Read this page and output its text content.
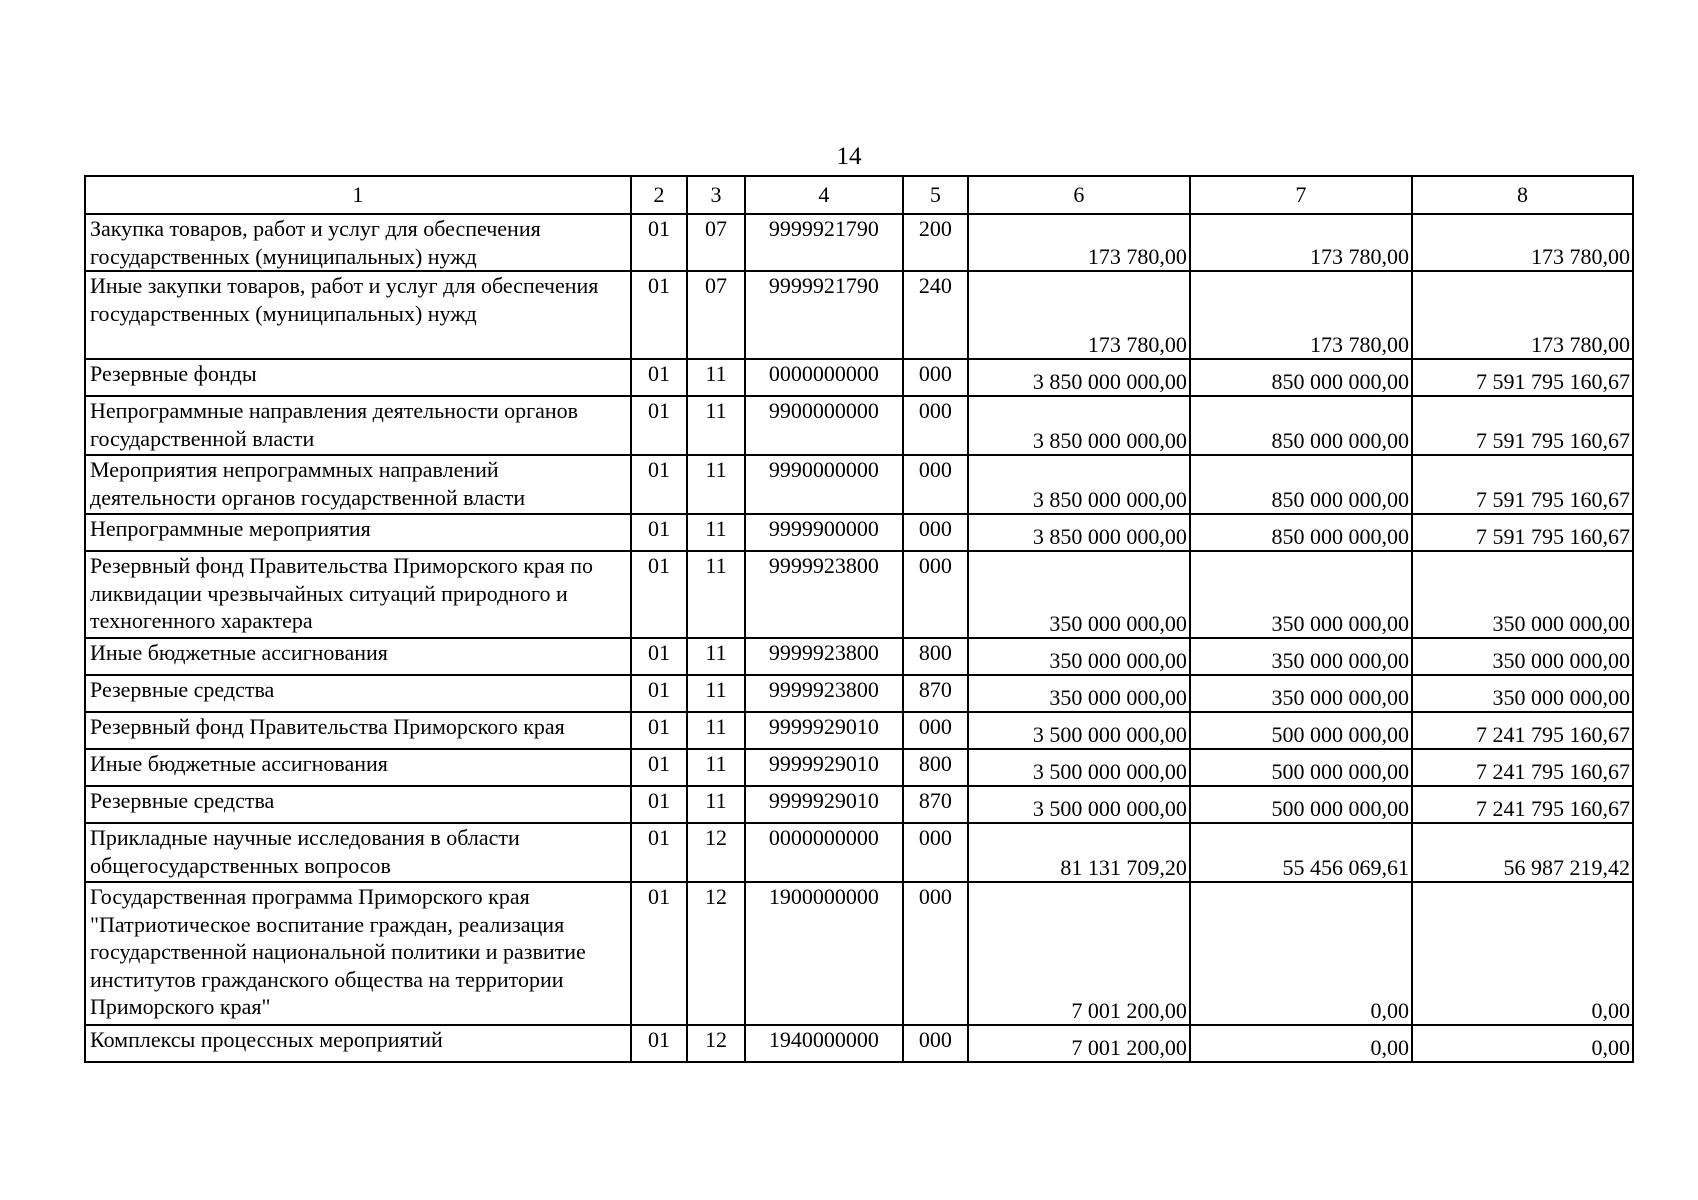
14
1	2	3	4	5	6	7	8
Закупка товаров, работ и услуг для обеспечения государственных (муниципальных) нужд	01	07	9999921790	200	173 780,00	173 780,00	173 780,00
Иные закупки товаров, работ и услуг для обеспечения государственных (муниципальных) нужд	01	07	9999921790	240	173 780,00	173 780,00	173 780,00
Резервные фонды	01	11	0000000000	000	3 850 000 000,00	850 000 000,00	7 591 795 160,67
Непрограммные направления деятельности органов государственной власти	01	11	9900000000	000	3 850 000 000,00	850 000 000,00	7 591 795 160,67
Мероприятия непрограммных направлений деятельности органов государственной власти	01	11	9990000000	000	3 850 000 000,00	850 000 000,00	7 591 795 160,67
Непрограммные мероприятия	01	11	9999900000	000	3 850 000 000,00	850 000 000,00	7 591 795 160,67
Резервный фонд Правительства Приморского края по ликвидации чрезвычайных ситуаций природного и техногенного характера	01	11	9999923800	000	350 000 000,00	350 000 000,00	350 000 000,00
Иные бюджетные ассигнования	01	11	9999923800	800	350 000 000,00	350 000 000,00	350 000 000,00
Резервные средства	01	11	9999923800	870	350 000 000,00	350 000 000,00	350 000 000,00
Резервный фонд Правительства Приморского края	01	11	9999929010	000	3 500 000 000,00	500 000 000,00	7 241 795 160,67
Иные бюджетные ассигнования	01	11	9999929010	800	3 500 000 000,00	500 000 000,00	7 241 795 160,67
Резервные средства	01	11	9999929010	870	3 500 000 000,00	500 000 000,00	7 241 795 160,67
Прикладные научные исследования в области общегосударственных вопросов	01	12	0000000000	000	81 131 709,20	55 456 069,61	56 987 219,42
Государственная программа Приморского края "Патриотическое воспитание граждан, реализация государственной национальной политики и развитие институтов гражданского общества на территории Приморского края"	01	12	1900000000	000	7 001 200,00	0,00	0,00
Комплексы процессных мероприятий	01	12	1940000000	000	7 001 200,00	0,00	0,00
